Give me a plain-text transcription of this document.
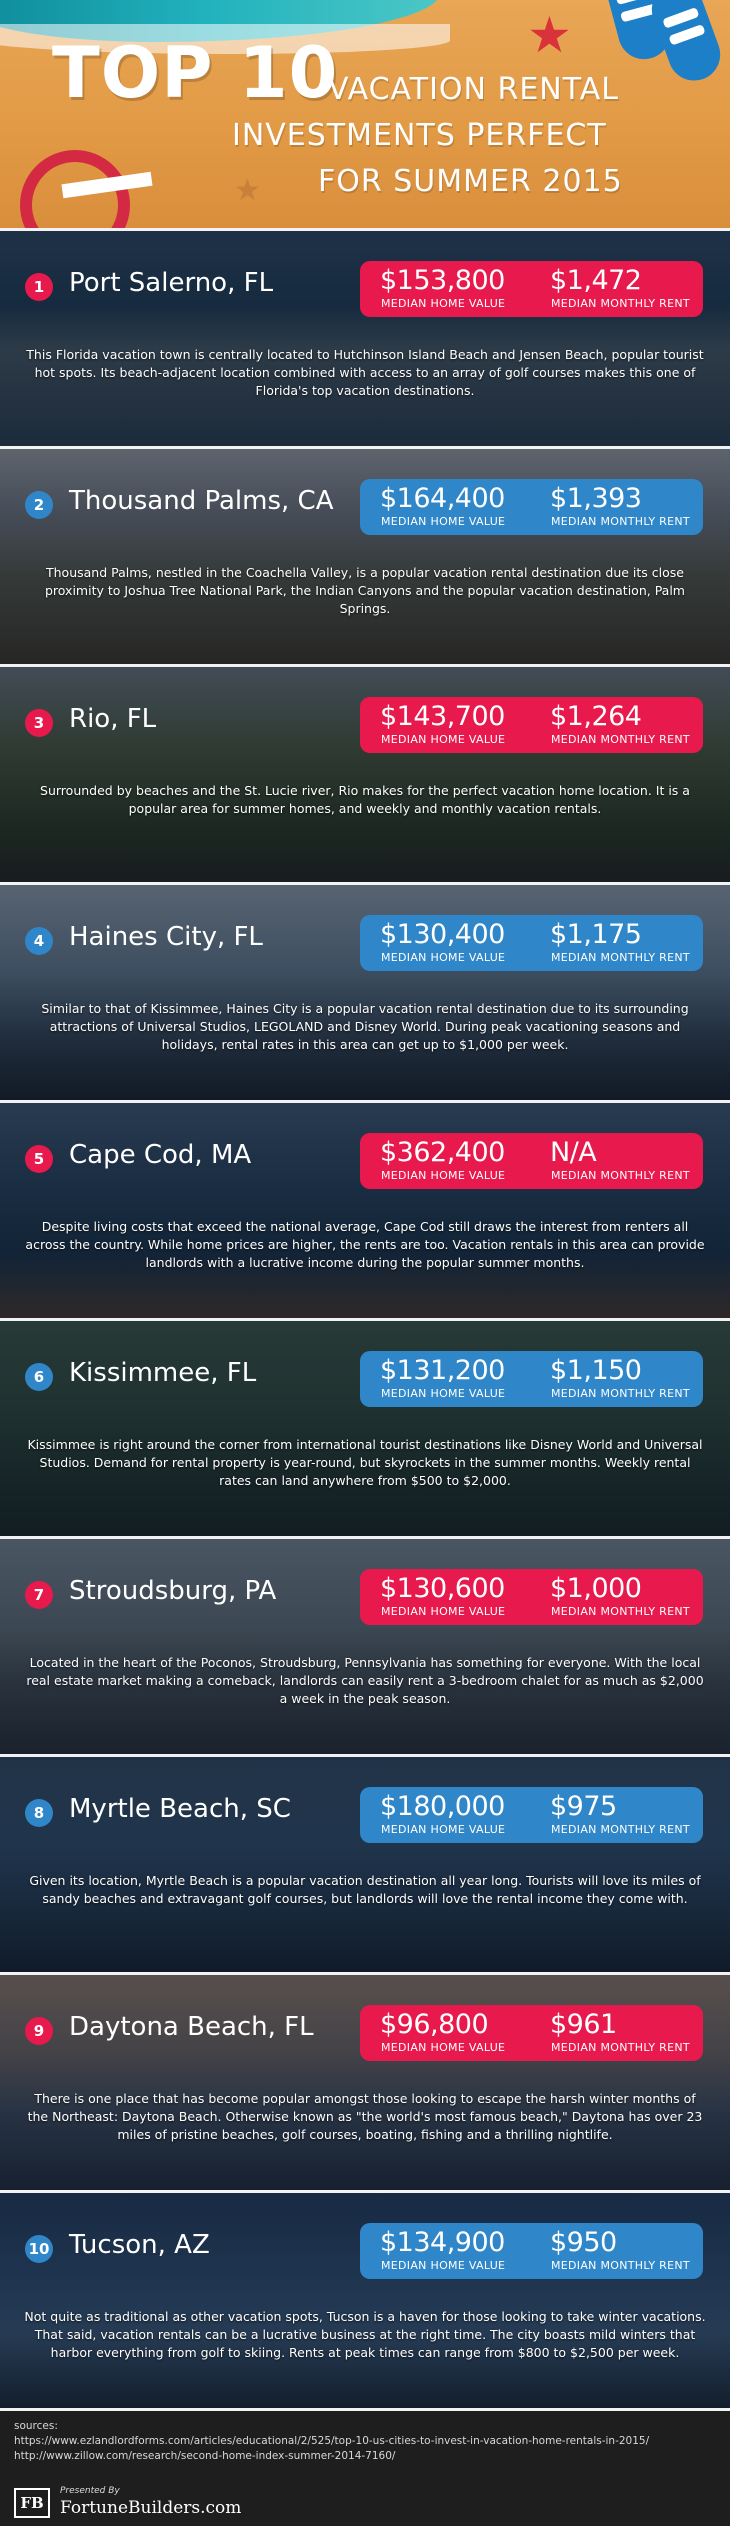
★
★
TOP 10
VACATION RENTAL
INVESTMENTS PERFECT
FOR SUMMER 2015
1 Port Salerno, FL	$153,800
MEDIAN HOME VALUE
$1,472
MEDIAN MONTHLY RENT
This Florida vacation town is centrally located to Hutchinson Island Beach and Jensen Beach, popular tourist hot spots. Its beach-adjacent location combined with access to an array of golf courses makes this one of Florida's top vacation destinations.
2 Thousand Palms, CA $164,400
MEDIAN HOME VALUE
$1,393
MEDIAN MONTHLY RENT
Thousand Palms, nestled in the Coachella Valley, is a popular vacation rental destination due its close proximity to Joshua Tree National Park, the Indian Canyons and the popular vacation destination, Palm Springs.
3 Rio, FL	$143,700
MEDIAN HOME VALUE
$1,264
MEDIAN MONTHLY RENT
Surrounded by beaches and the St. Lucie river, Rio makes for the perfect vacation home location. It is a popular area for summer homes, and weekly and monthly vacation rentals.
4 Haines City, FL	$130,400
MEDIAN HOME VALUE
$1,175
MEDIAN MONTHLY RENT
Similar to that of Kissimmee, Haines City is a popular vacation rental destination due to its surrounding attractions of Universal Studios, LEGOLAND and Disney World. During peak vacationing seasons and holidays, rental rates in this area can get up to $1,000 per week.
5 Cape Cod, MA	$362,400
MEDIAN HOME VALUE
N/A
MEDIAN MONTHLY RENT
Despite living costs that exceed the national average, Cape Cod still draws the interest from renters all across the country. While home prices are higher, the rents are too. Vacation rentals in this area can provide landlords with a lucrative income during the popular summer months.
6 Kissimmee, FL	$131,200
MEDIAN HOME VALUE
$1,150
MEDIAN MONTHLY RENT
Kissimmee is right around the corner from international tourist destinations like Disney World and Universal Studios. Demand for rental property is year-round, but skyrockets in the summer months. Weekly rental rates can land anywhere from $500 to $2,000.
7 Stroudsburg, PA	$130,600
MEDIAN HOME VALUE
$1,000
MEDIAN MONTHLY RENT
Located in the heart of the Poconos, Stroudsburg, Pennsylvania has something for everyone. With the local real estate market making a comeback, landlords can easily rent a 3-bedroom chalet for as much as $2,000 a week in the peak season.
8 Myrtle Beach, SC	$180,000
MEDIAN HOME VALUE
$975
MEDIAN MONTHLY RENT
Given its location, Myrtle Beach is a popular vacation destination all year long. Tourists will love its miles of sandy beaches and extravagant golf courses, but landlords will love the rental income they come with.
9 Daytona Beach, FL $96,800
MEDIAN HOME VALUE
$961
MEDIAN MONTHLY RENT
There is one place that has become popular amongst those looking to escape the harsh winter months of the Northeast: Daytona Beach. Otherwise known as "the world's most famous beach," Daytona has over 23 miles of pristine beaches, golf courses, boating, fishing and a thrilling nightlife.
10 Tucson, AZ	$134,900
MEDIAN HOME VALUE
$950
MEDIAN MONTHLY RENT
Not quite as traditional as other vacation spots, Tucson is a haven for those looking to take winter vacations. That said, vacation rentals can be a lucrative business at the right time. The city boasts mild winters that harbor everything from golf to skiing. Rents at peak times can range from $800 to $2,500 per week.
sources:
https://www.ezlandlordforms.com/articles/educational/2/525/top-10-us-cities-to-invest-in-vacation-home-rentals-in-2015/
http://www.zillow.com/research/second-home-index-summer-2014-7160/
FB
Presented By
FortuneBuilders.com
